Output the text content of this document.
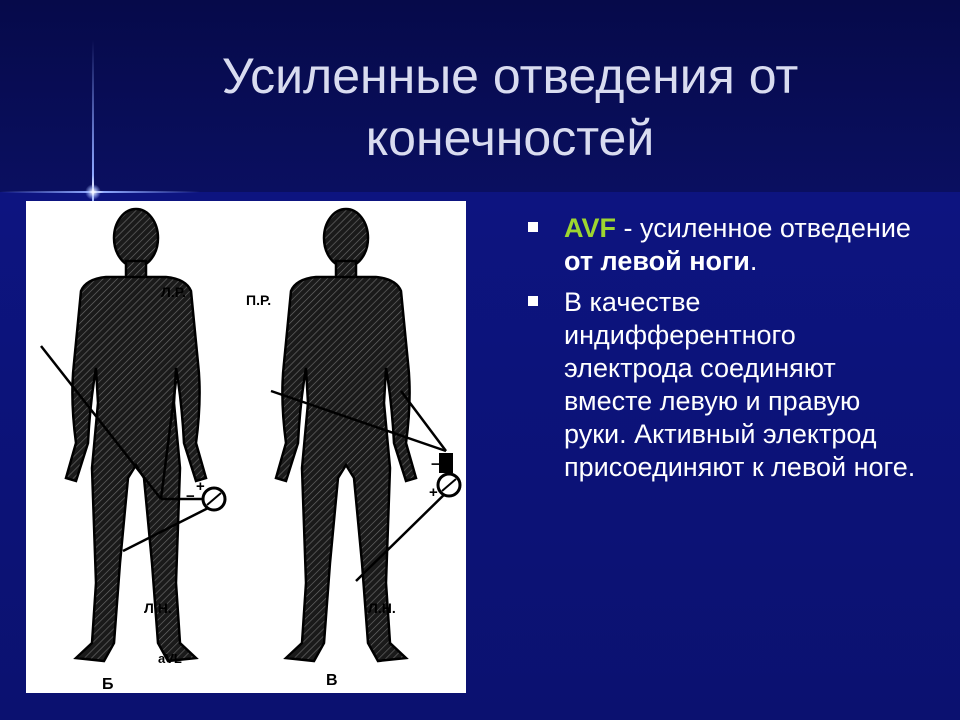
Усиленные отведения от
конечностей
Л.Р.	П.Р.
Л.Н.	Л.Н.
aVL
Б	В
+
−	+
−
AVF - усиленное отведение от левой ноги.
В качестве индифферентного электрода соединяют вместе левую и правую руки. Активный электрод присоединяют к левой ноге.
